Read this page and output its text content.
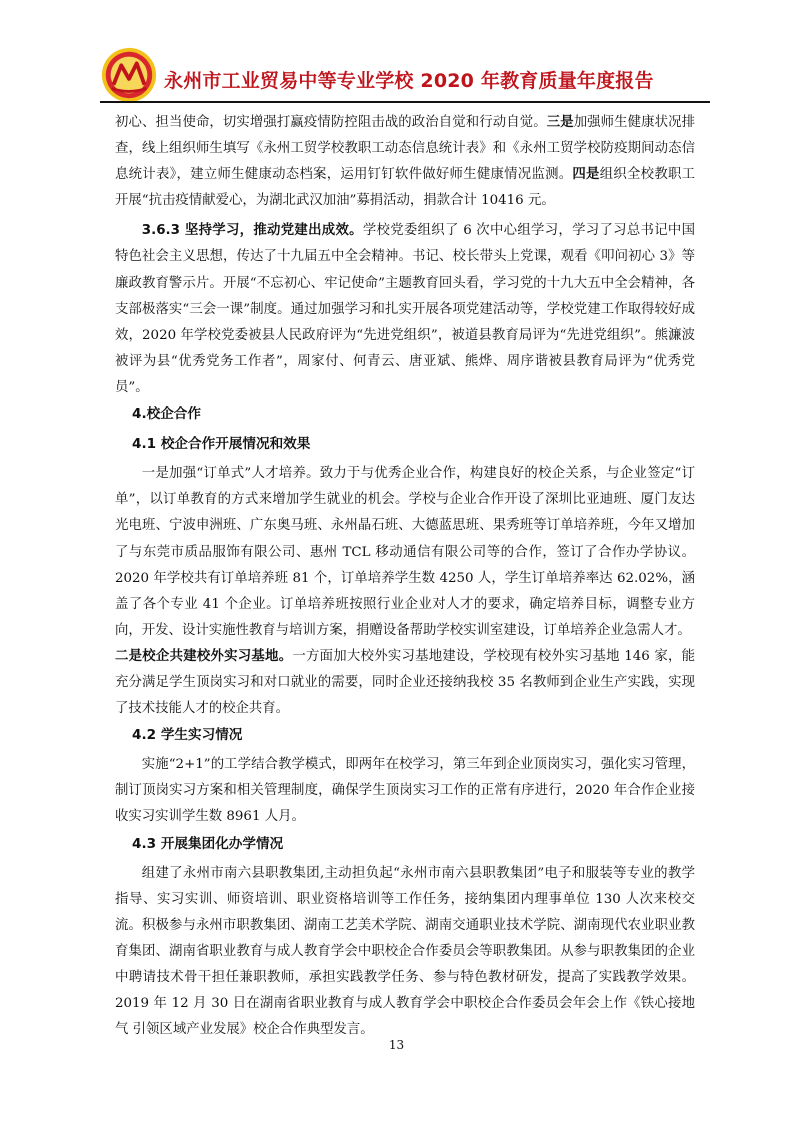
永州市工业贸易中等专业学校 2020 年教育质量年度报告

初心、担当使命，切实增强打赢疫情防控阻击战的政治自觉和行动自觉。三是加强师生健康状况排查，线上组织师生填写《永州工贸学校教职工动态信息统计表》和《永州工贸学校防疫期间动态信息统计表》，建立师生健康动态档案，运用钉钉软件做好师生健康情况监测。四是组织全校教职工开展“抗击疫情献爱心，为湖北武汉加油”募捐活动，捐款合计 10416 元。

3.6.3 坚持学习，推动党建出成效。学校党委组织了 6 次中心组学习，学习了习总书记中国特色社会主义思想，传达了十九届五中全会精神。书记、校长带头上党课，观看《叩问初心 3》等廉政教育警示片。开展“不忘初心、牢记使命”主题教育回头看，学习党的十九大五中全会精神，各支部极落实“三会一课”制度。通过加强学习和扎实开展各项党建活动等，学校党建工作取得较好成效，2020 年学校党委被县人民政府评为“先进党组织”，被道县教育局评为“先进党组织”。熊濂波被评为县“优秀党务工作者”，周家付、何青云、唐亚斌、熊烨、周序谐被县教育局评为“优秀党员”。

4.校企合作
4.1 校企合作开展情况和效果

一是加强“订单式”人才培养。致力于与优秀企业合作，构建良好的校企关系，与企业签定“订单”，以订单教育的方式来增加学生就业的机会。学校与企业合作开设了深圳比亚迪班、厦门友达光电班、宁波申洲班、广东奥马班、永州晶石班、大德蓝思班、果秀班等订单培养班，今年又增加了与东莞市质品服饰有限公司、惠州 TCL 移动通信有限公司等的合作，签订了合作办学协议。2020 年学校共有订单培养班 81 个，订单培养学生数 4250 人，学生订单培养率达 62.02%，涵盖了各个专业 41 个企业。订单培养班按照行业企业对人才的要求，确定培养目标，调整专业方向，开发、设计实施性教育与培训方案，捐赠设备帮助学校实训室建设，订单培养企业急需人才。

二是校企共建校外实习基地。一方面加大校外实习基地建设，学校现有校外实习基地 146 家，能充分满足学生顶岗实习和对口就业的需要，同时企业还接纳我校 35 名教师到企业生产实践，实现了技术技能人才的校企共育。

4.2 学生实习情况

实施“2+1”的工学结合教学模式，即两年在校学习，第三年到企业顶岗实习，强化实习管理，制订顶岗实习方案和相关管理制度，确保学生顶岗实习工作的正常有序进行，2020 年合作企业接收实习实训学生数 8961 人月。

4.3 开展集团化办学情况

组建了永州市南六县职教集团,主动担负起“永州市南六县职教集团”电子和服装等专业的教学指导、实习实训、师资培训、职业资格培训等工作任务，接纳集团内理事单位 130 人次来校交流。积极参与永州市职教集团、湖南工艺美术学院、湖南交通职业技术学院、湖南现代农业职业教育集团、湖南省职业教育与成人教育学会中职校企合作委员会等职教集团。从参与职教集团的企业中聘请技术骨干担任兼职教师，承担实践教学任务、参与特色教材研发，提高了实践教学效果。2019 年 12 月 30 日在湖南省职业教育与成人教育学会中职校企合作委员会年会上作《铁心接地气 引领区域产业发展》校企合作典型发言。

13
